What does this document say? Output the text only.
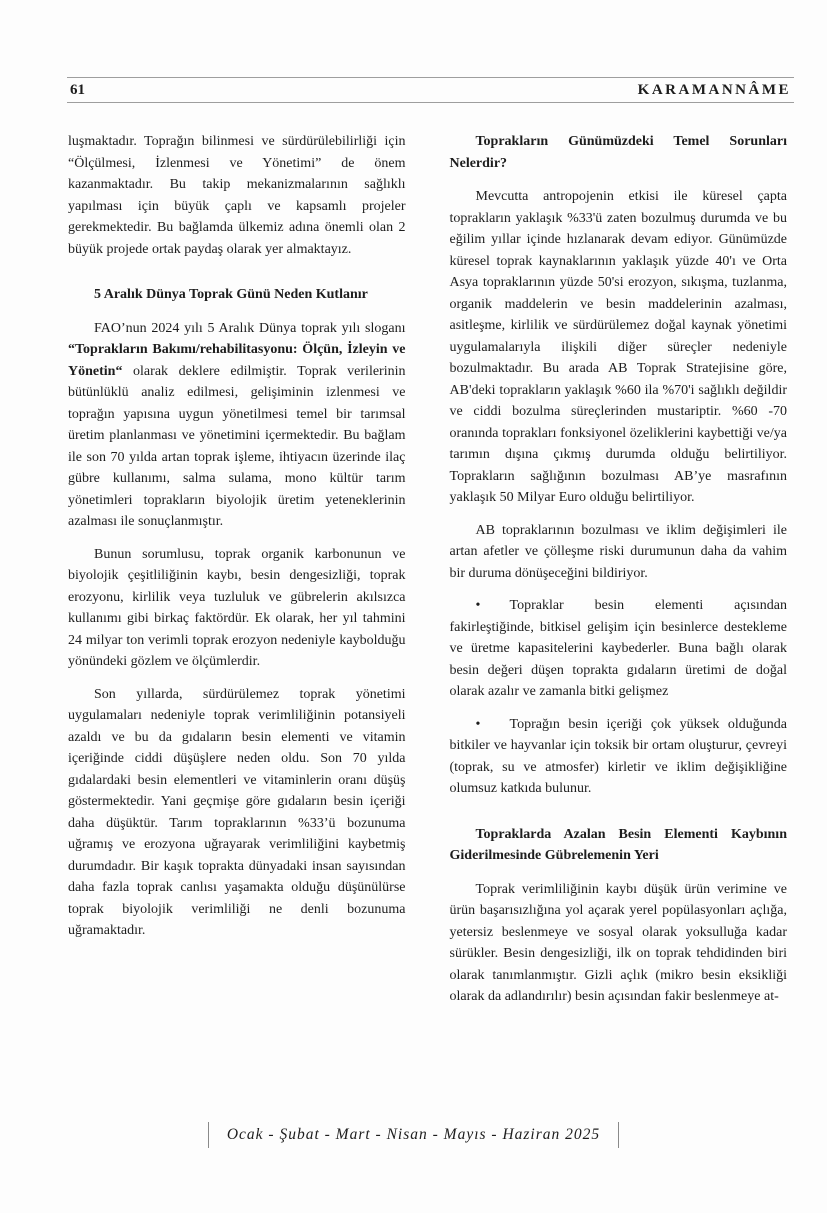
61	KARAMANNÂME

luşmaktadır. Toprağın bilinmesi ve sürdürülebilirliği için “Ölçülmesi, İzlenmesi ve Yönetimi” de önem kazanmaktadır. Bu takip mekanizmalarının sağlıklı yapılması için büyük çaplı ve kapsamlı projeler gerekmektedir. Bu bağlamda ülkemiz adına önemli olan 2 büyük projede ortak paydaş olarak yer almaktayız.

5 Aralık Dünya Toprak Günü Neden Kutlanır

FAO’nun 2024 yılı 5 Aralık Dünya toprak yılı sloganı “Toprakların Bakımı/rehabilitasyonu: Ölçün, İzleyin ve Yönetin“ olarak deklere edilmiştir. Toprak verilerinin bütünlüklü analiz edilmesi, gelişiminin izlenmesi ve toprağın yapısına uygun yönetilmesi temel bir tarımsal üretim planlanması ve yönetimini içermektedir. Bu bağlam ile son 70 yılda artan toprak işleme, ihtiyacın üzerinde ilaç gübre kullanımı, salma sulama, mono kültür tarım yönetimleri toprakların biyolojik üretim yeteneklerinin azalması ile sonuçlanmıştır.

Bunun sorumlusu, toprak organik karbonunun ve biyolojik çeşitliliğinin kaybı, besin dengesizliği, toprak erozyonu, kirlilik veya tuzluluk ve gübrelerin akılsızca kullanımı gibi birkaç faktördür. Ek olarak, her yıl tahmini 24 milyar ton verimli toprak erozyon nedeniyle kaybolduğu yönündeki gözlem ve ölçümlerdir.

Son yıllarda, sürdürülemez toprak yönetimi uygulamaları nedeniyle toprak verimliliğinin potansiyeli azaldı ve bu da gıdaların besin elementi ve vitamin içeriğinde ciddi düşüşlere neden oldu. Son 70 yılda gıdalardaki besin elementleri ve vitaminlerin oranı düşüş göstermektedir. Yani geçmişe göre gıdaların besin içeriği daha düşüktür. Tarım topraklarının %33’ü bozunuma uğramış ve erozyona uğrayarak verimliliğini kaybetmiş durumdadır. Bir kaşık toprakta dünyadaki insan sayısından daha fazla toprak canlısı yaşamakta olduğu düşünülürse toprak biyolojik verimliliği ne denli bozunuma uğramaktadır.

Toprakların Günümüzdeki Temel Sorunları Nelerdir?

Mevcutta antropojenin etkisi ile küresel çapta toprakların yaklaşık %33'ü zaten bozulmuş durumda ve bu eğilim yıllar içinde hızlanarak devam ediyor. Günümüzde küresel toprak kaynaklarının yaklaşık yüzde 40'ı ve Orta Asya topraklarının yüzde 50'si erozyon, sıkışma, tuzlanma, organik maddelerin ve besin maddelerinin azalması, asitleşme, kirlilik ve sürdürülemez doğal kaynak yönetimi uygulamalarıyla ilişkili diğer süreçler nedeniyle bozulmaktadır. Bu arada AB Toprak Stratejisine göre, AB'deki toprakların yaklaşık %60 ila %70'i sağlıklı değildir ve ciddi bozulma süreçlerinden mustariptir. %60 -70 oranında toprakları fonksiyonel özeliklerini kaybettiği ve/ya tarımın dışına çıkmış durumda olduğu belirtiliyor. Toprakların sağlığının bozulması AB’ye masrafının yaklaşık 50 Milyar Euro olduğu belirtiliyor.

AB topraklarının bozulması ve iklim değişimleri ile artan afetler ve çölleşme riski durumunun daha da vahim bir duruma dönüşeceğini bildiriyor.

• Topraklar besin elementi açısından fakirleştiğinde, bitkisel gelişim için besinlerce destekleme ve üretme kapasitelerini kaybederler. Buna bağlı olarak besin değeri düşen toprakta gıdaların üretimi de doğal olarak azalır ve zamanla bitki gelişmez

• Toprağın besin içeriği çok yüksek olduğunda bitkiler ve hayvanlar için toksik bir ortam oluşturur, çevreyi (toprak, su ve atmosfer) kirletir ve iklim değişikliğine olumsuz katkıda bulunur.

Topraklarda Azalan Besin Elementi Kaybının Giderilmesinde Gübrelemenin Yeri

Toprak verimliliğinin kaybı düşük ürün verimine ve ürün başarısızlığına yol açarak yerel popülasyonları açlığa, yetersiz beslenmeye ve sosyal olarak yoksulluğa kadar sürükler. Besin dengesizliği, ilk on toprak tehdidinden biri olarak tanımlanmıştır. Gizli açlık (mikro besin eksikliği olarak da adlandırılır) besin açısından fakir beslenmeye at-

Ocak - Şubat - Mart - Nisan - Mayıs - Haziran 2025
